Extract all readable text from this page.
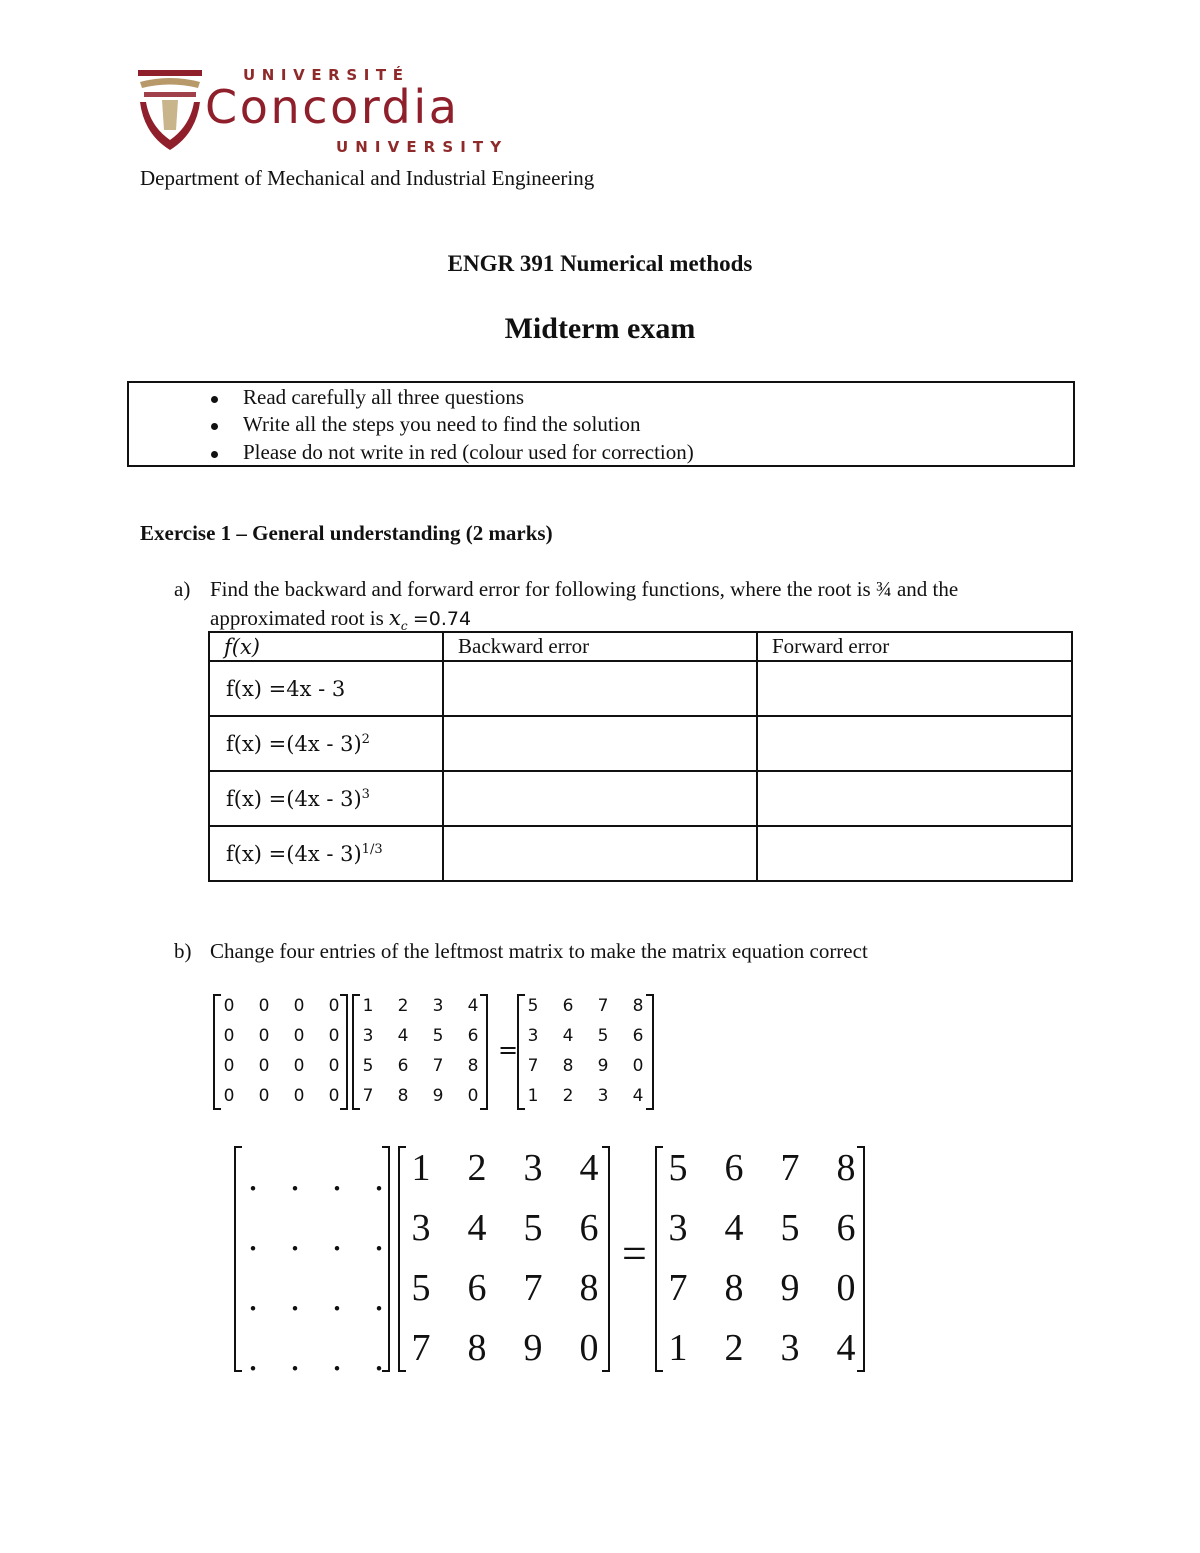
UNIVERSITÉ
Concordia
UNIVERSITY
Department of Mechanical and Industrial Engineering
ENGR 391 Numerical methods
Midterm exam
Read carefully all three questions
Write all the steps you need to find the solution
Please do not write in red (colour used for correction)
Exercise 1 – General understanding (2 marks)
a) Find the backward and forward error for following functions, where the root is ¾ and the approximated root is $x_c =0.74$
f(x)	Backward error	Forward error
f(x) =4x - 3		
f(x) =(4x - 3)$^2$		
f(x) =(4x - 3)$^3$		
f(x) =(4x - 3)$^{1/3}$		
b) Change four entries of the leftmost matrix to make the matrix equation correct
0 0 0 0
0 0 0 0
0 0 0 0
0 0 0 0
1 2 3 4
3 4 5 6
5 6 7 8
7 8 9 0
5 6 7 8
3 4 5 6
7 8 9 0
1 2 3 4
=
. . . .
. . . .
. . . .
. . . .
1 2 3 4
3 4 5 6
5 6 7 8
7 8 9 0
5 6 7 8
3 4 5 6
7 8 9 0
1 2 3 4
=
